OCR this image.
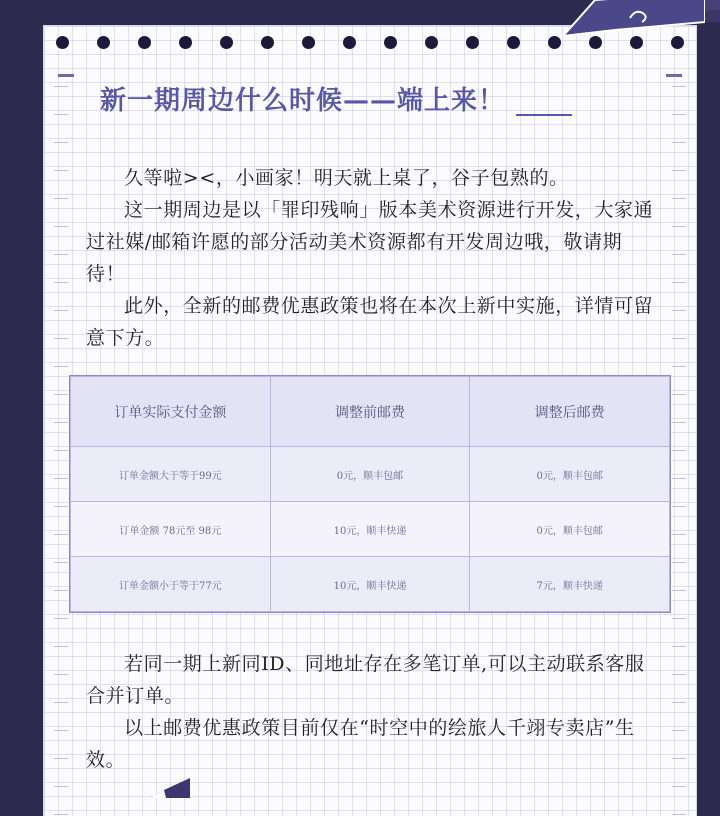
新一期周边什么时候——端上来！

久等啦><，小画家！明天就上桌了，谷子包熟的。

这一期周边是以「罪印残响」版本美术资源进行开发，大家通过社媒/邮箱许愿的部分活动美术资源都有开发周边哦，敬请期待！

此外，全新的邮费优惠政策也将在本次上新中实施，详情可留意下方。

订单实际支付金额	调整前邮费	调整后邮费
订单金额大于等于99元	0元，顺丰包邮	0元，顺丰包邮
订单金额 78元至 98元	10元，顺丰快递	0元，顺丰包邮
订单金额小于等于77元	10元，顺丰快递	7元，顺丰快递

若同一期上新同ID、同地址存在多笔订单,可以主动联系客服合并订单。

以上邮费优惠政策目前仅在“时空中的绘旅人千翊专卖店”生效。
